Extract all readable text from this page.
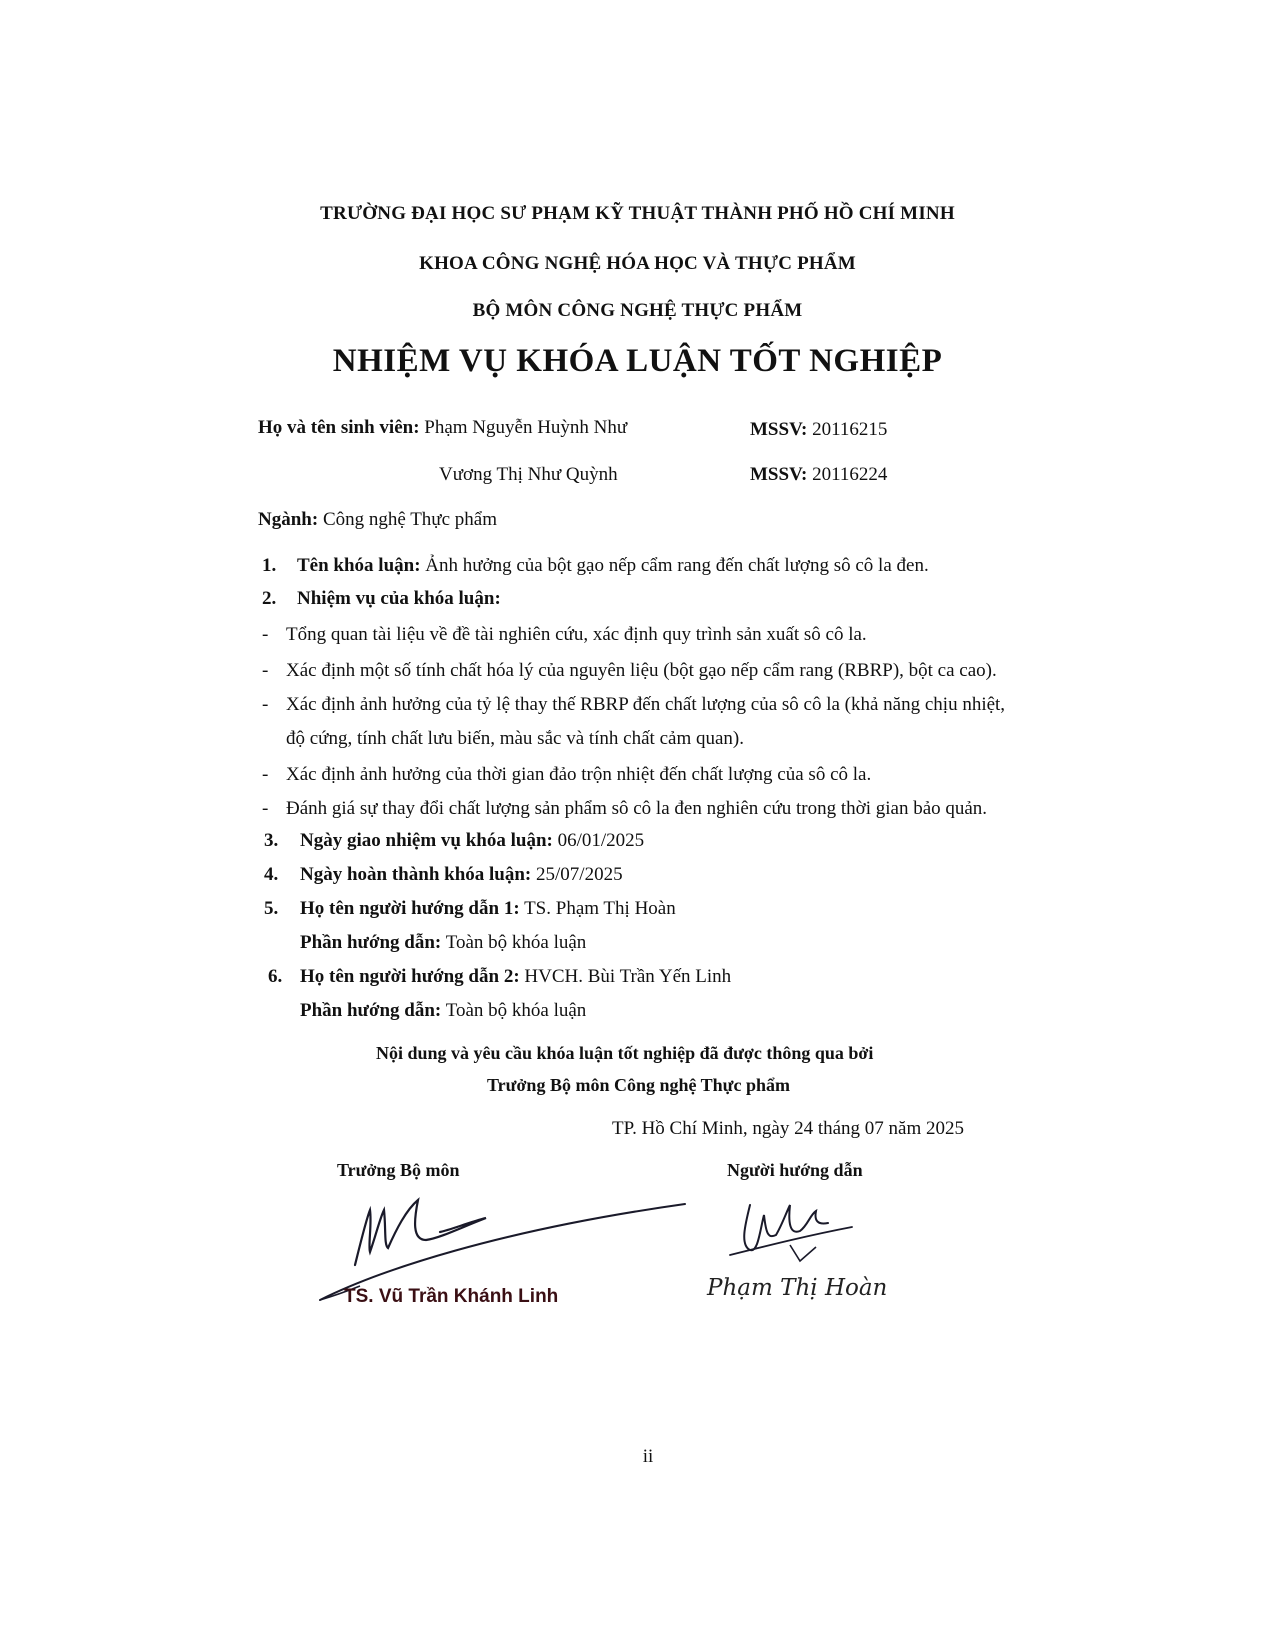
TRƯỜNG ĐẠI HỌC SƯ PHẠM KỸ THUẬT THÀNH PHỐ HỒ CHÍ MINH
KHOA CÔNG NGHỆ HÓA HỌC VÀ THỰC PHẨM
BỘ MÔN CÔNG NGHỆ THỰC PHẨM
NHIỆM VỤ KHÓA LUẬN TỐT NGHIỆP
Họ và tên sinh viên: Phạm Nguyễn Huỳnh Như	MSSV: 20116215
Vương Thị Như Quỳnh	MSSV: 20116224
Ngành: Công nghệ Thực phẩm
1. Tên khóa luận: Ảnh hưởng của bột gạo nếp cẩm rang đến chất lượng sô cô la đen.
2. Nhiệm vụ của khóa luận:
- Tổng quan tài liệu về đề tài nghiên cứu, xác định quy trình sản xuất sô cô la.
- Xác định một số tính chất hóa lý của nguyên liệu (bột gạo nếp cẩm rang (RBRP), bột ca cao).
- Xác định ảnh hưởng của tỷ lệ thay thế RBRP đến chất lượng của sô cô la (khả năng chịu nhiệt,
độ cứng, tính chất lưu biến, màu sắc và tính chất cảm quan).
- Xác định ảnh hưởng của thời gian đảo trộn nhiệt đến chất lượng của sô cô la.
- Đánh giá sự thay đổi chất lượng sản phẩm sô cô la đen nghiên cứu trong thời gian bảo quản.
3. Ngày giao nhiệm vụ khóa luận: 06/01/2025
4. Ngày hoàn thành khóa luận: 25/07/2025
5. Họ tên người hướng dẫn 1: TS. Phạm Thị Hoàn
Phần hướng dẫn: Toàn bộ khóa luận
6. Họ tên người hướng dẫn 2: HVCH. Bùi Trần Yến Linh
Phần hướng dẫn: Toàn bộ khóa luận
Nội dung và yêu cầu khóa luận tốt nghiệp đã được thông qua bởi
Trưởng Bộ môn Công nghệ Thực phẩm
TP. Hồ Chí Minh, ngày 24 tháng 07 năm 2025
Trưởng Bộ môn	Người hướng dẫn
TS. Vũ Trần Khánh Linh	Phạm Thị Hoàn
ii
